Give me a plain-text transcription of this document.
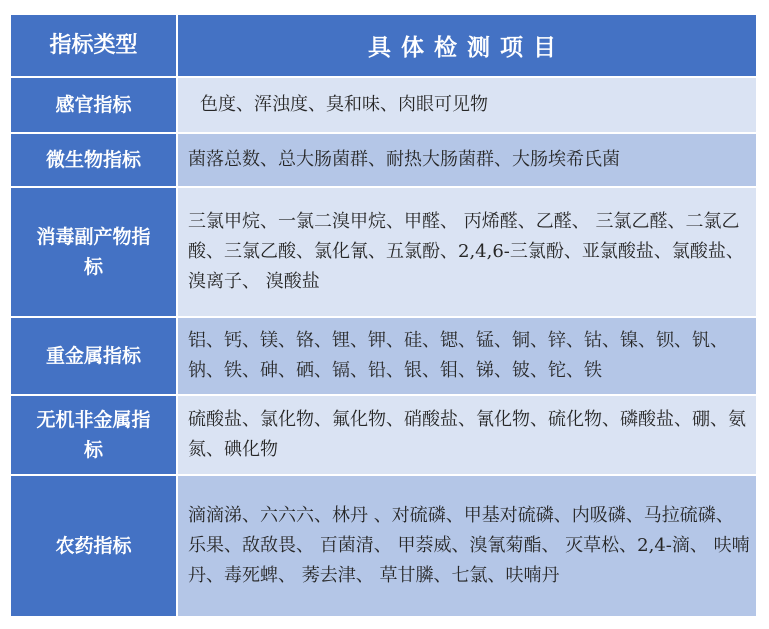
指标类型	具体检测项目
感官指标	色度、浑浊度、臭和味、肉眼可见物
微生物指标	菌落总数、总大肠菌群、耐热大肠菌群、大肠埃希氏菌
消毒副产物指标	三氯甲烷、一氯二溴甲烷、甲醛、 丙烯醛、乙醛、 三氯乙醛、二氯乙酸、三氯乙酸、氯化氰、五氯酚、2,4,6-三氯酚、亚氯酸盐、氯酸盐、 溴离子、 溴酸盐
重金属指标	铝、钙、镁、铬、锂、钾、硅、锶、锰、铜、锌、钴、镍、钡、钒、钠、铁、砷、硒、镉、铅、银、钼、锑、铍、铊、铁
无机非金属指标	硫酸盐、氯化物、氟化物、硝酸盐、氰化物、硫化物、磷酸盐、硼、氨氮、碘化物
农药指标	滴滴涕、六六六、林丹 、对硫磷、甲基对硫磷、内吸磷、马拉硫磷、乐果、敌敌畏、 百菌清、 甲萘威、溴氰菊酯、 灭草松、2,4-滴、 呋喃丹、毒死蜱、 莠去津、 草甘膦、七氯、呋喃丹
